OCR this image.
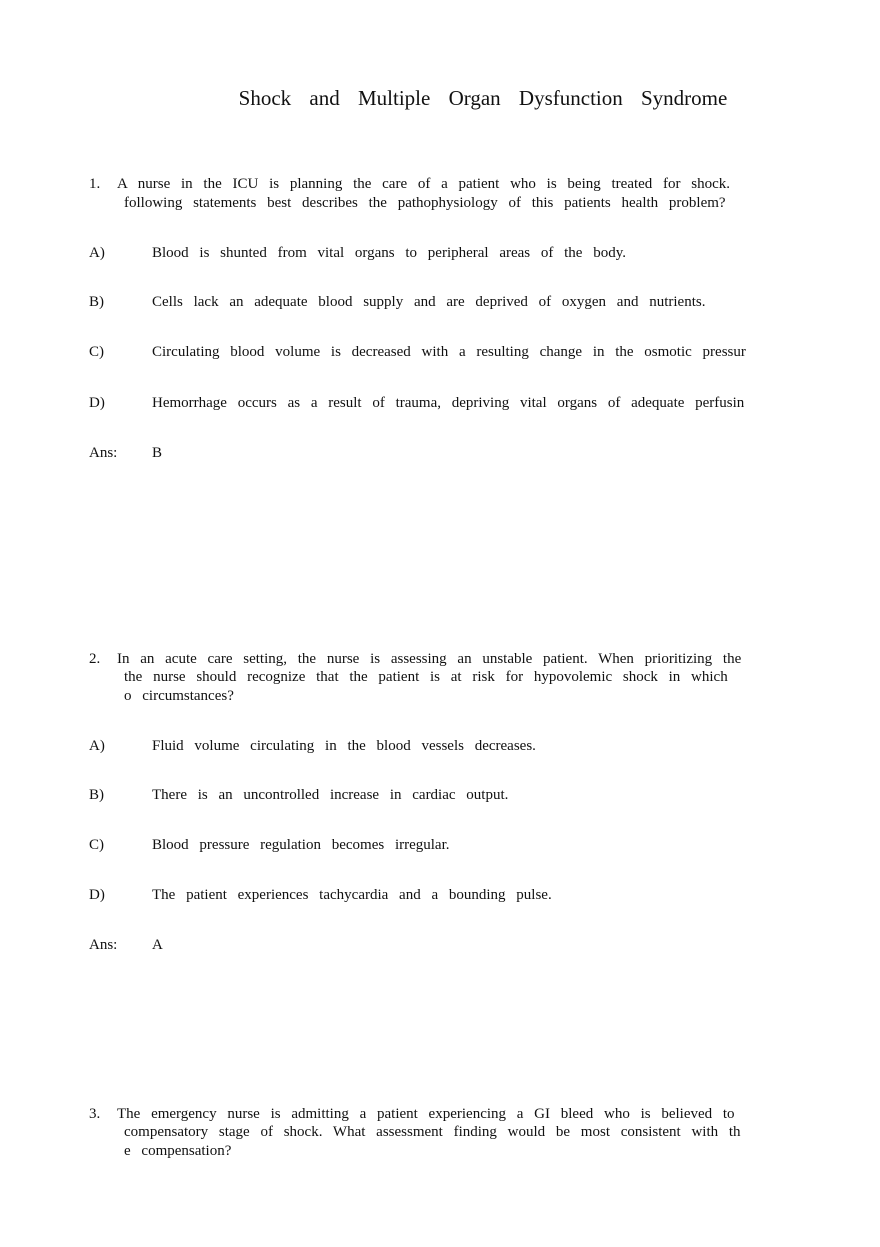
Shock and Multiple Organ Dysfunction Syndrome
1. A nurse in the ICU is planning the care of a patient who is being treated for shock.
following statements best describes the pathophysiology of this patients health problem?
A)	Blood is shunted from vital organs to peripheral areas of the body.
B)	Cells lack an adequate blood supply and are deprived of oxygen and nutrients.
C)	Circulating blood volume is decreased with a resulting change in the osmotic pressur
D)	Hemorrhage occurs as a result of trauma, depriving vital organs of adequate perfusin
Ans: B
2. In an acute care setting, the nurse is assessing an unstable patient. When prioritizing the
the nurse should recognize that the patient is at risk for hypovolemic shock in which
o circumstances?
A)	Fluid volume circulating in the blood vessels decreases.
B)	There is an uncontrolled increase in cardiac output.
C)	Blood pressure regulation becomes irregular.
D)	The patient experiences tachycardia and a bounding pulse.
Ans: A
3. The emergency nurse is admitting a patient experiencing a GI bleed who is believed to
compensatory stage of shock. What assessment finding would be most consistent with th
e compensation?
